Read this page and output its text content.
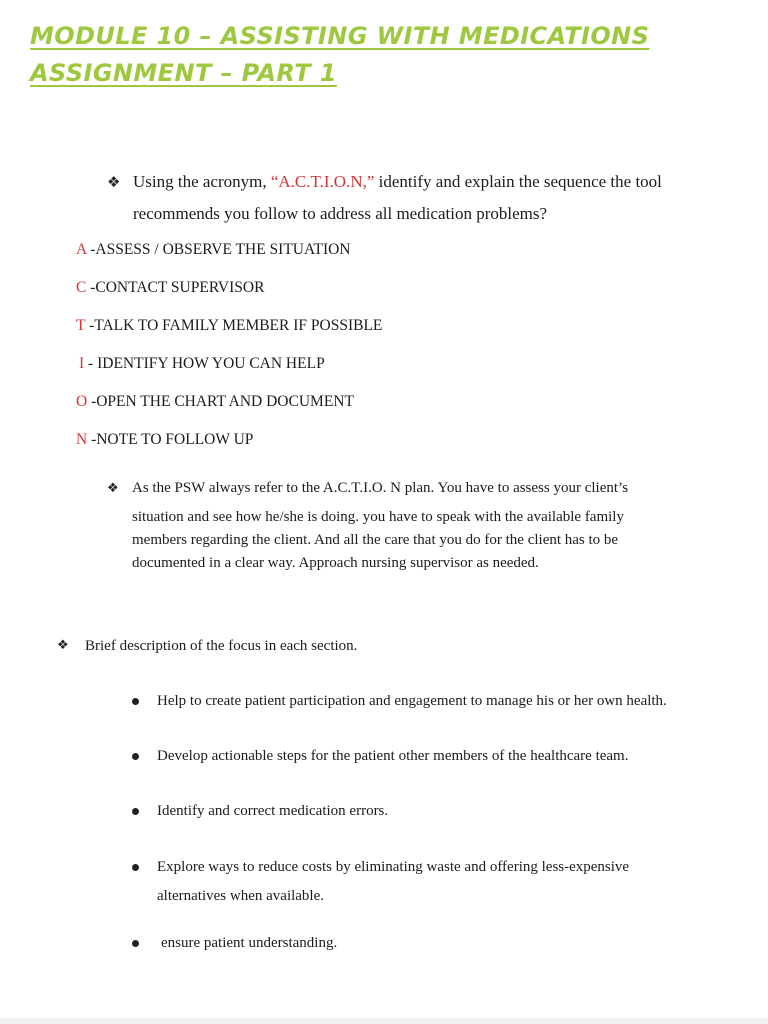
MODULE 10 – ASSISTING WITH MEDICATIONS
ASSIGNMENT – PART 1
❖ Using the acronym, “A.C.T.I.O.N,” identify and explain the sequence the tool
recommends you follow to address all medication problems?
A -ASSESS / OBSERVE THE SITUATION
C -CONTACT SUPERVISOR
T -TALK TO FAMILY MEMBER IF POSSIBLE
I - IDENTIFY HOW YOU CAN HELP
O -OPEN THE CHART AND DOCUMENT
N -NOTE TO FOLLOW UP
❖ As the PSW always refer to the A.C.T.I.O. N plan. You have to assess your client’s
situation and see how he/she is doing. you have to speak with the available family
members regarding the client. And all the care that you do for the client has to be
documented in a clear way. Approach nursing supervisor as needed.
❖ Brief description of the focus in each section.
Help to create patient participation and engagement to manage his or her own health.
Develop actionable steps for the patient other members of the healthcare team.
Identify and correct medication errors.
Explore ways to reduce costs by eliminating waste and offering less-expensive
alternatives when available.
ensure patient understanding.
